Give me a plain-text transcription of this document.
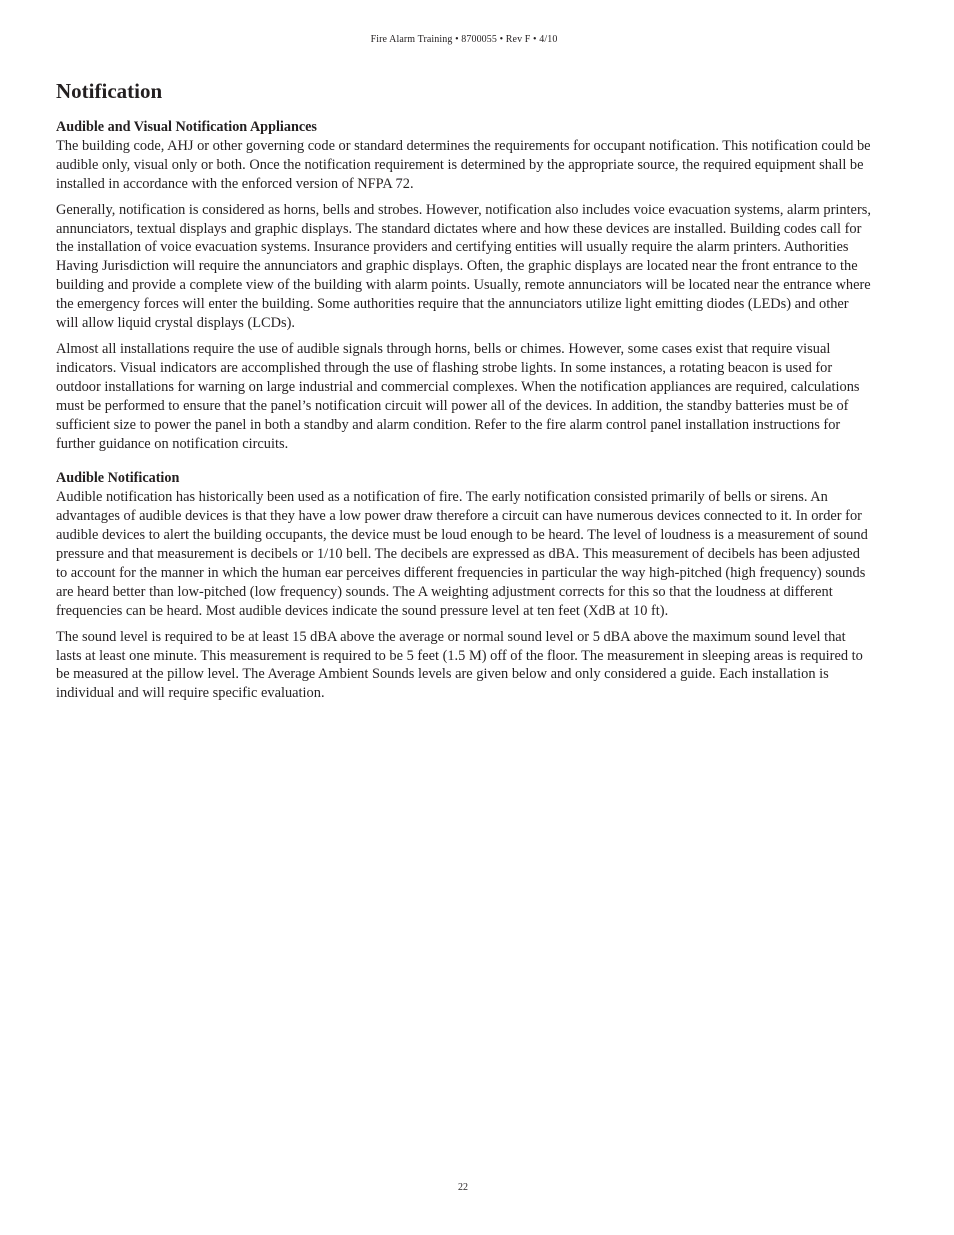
Fire Alarm Training • 8700055 • Rev F • 4/10
Notification
Audible and Visual Notification Appliances

The building code, AHJ or other governing code or standard determines the requirements for occupant notification. This notification could be audible only, visual only or both. Once the notification requirement is determined by the appropriate source, the required equipment shall be installed in accordance with the enforced version of NFPA 72.

Generally, notification is considered as horns, bells and strobes. However, notification also includes voice evacuation systems, alarm printers, annunciators, textual displays and graphic displays. The standard dictates where and how these devices are installed. Building codes call for the installation of voice evacuation systems. Insurance providers and certifying entities will usually require the alarm printers. Authorities Having Jurisdiction will require the annunciators and graphic displays. Often, the graphic displays are located near the front entrance to the building and provide a complete view of the building with alarm points. Usually, remote annunciators will be located near the entrance where the emergency forces will enter the building. Some authorities require that the annunciators utilize light emitting diodes (LEDs) and other will allow liquid crystal displays (LCDs).

Almost all installations require the use of audible signals through horns, bells or chimes. However, some cases exist that require visual indicators. Visual indicators are accomplished through the use of flashing strobe lights. In some instances, a rotating beacon is used for outdoor installations for warning on large industrial and commercial complexes. When the notification appliances are required, calculations must be performed to ensure that the panel’s notification circuit will power all of the devices. In addition, the standby batteries must be of sufficient size to power the panel in both a standby and alarm condition. Refer to the fire alarm control panel installation instructions for further guidance on notification circuits.

Audible Notification

Audible notification has historically been used as a notification of fire. The early notification consisted primarily of bells or sirens. An advantages of audible devices is that they have a low power draw therefore a circuit can have numerous devices connected to it. In order for audible devices to alert the building occupants, the device must be loud enough to be heard. The level of loudness is a measurement of sound pressure and that measurement is decibels or 1/10 bell. The decibels are expressed as dBA. This measurement of decibels has been adjusted to account for the manner in which the human ear perceives different frequencies in particular the way high-pitched (high frequency) sounds are heard better than low-pitched (low frequency) sounds. The A weighting adjustment corrects for this so that the loudness at different frequencies can be heard. Most audible devices indicate the sound pressure level at ten feet (XdB at 10 ft).

The sound level is required to be at least 15 dBA above the average or normal sound level or 5 dBA above the maximum sound level that lasts at least one minute. This measurement is required to be 5 feet (1.5 M) off of the floor. The measurement in sleeping areas is required to be measured at the pillow level. The Average Ambient Sounds levels are given below and only considered a guide. Each installation is individual and will require specific evaluation.

22
